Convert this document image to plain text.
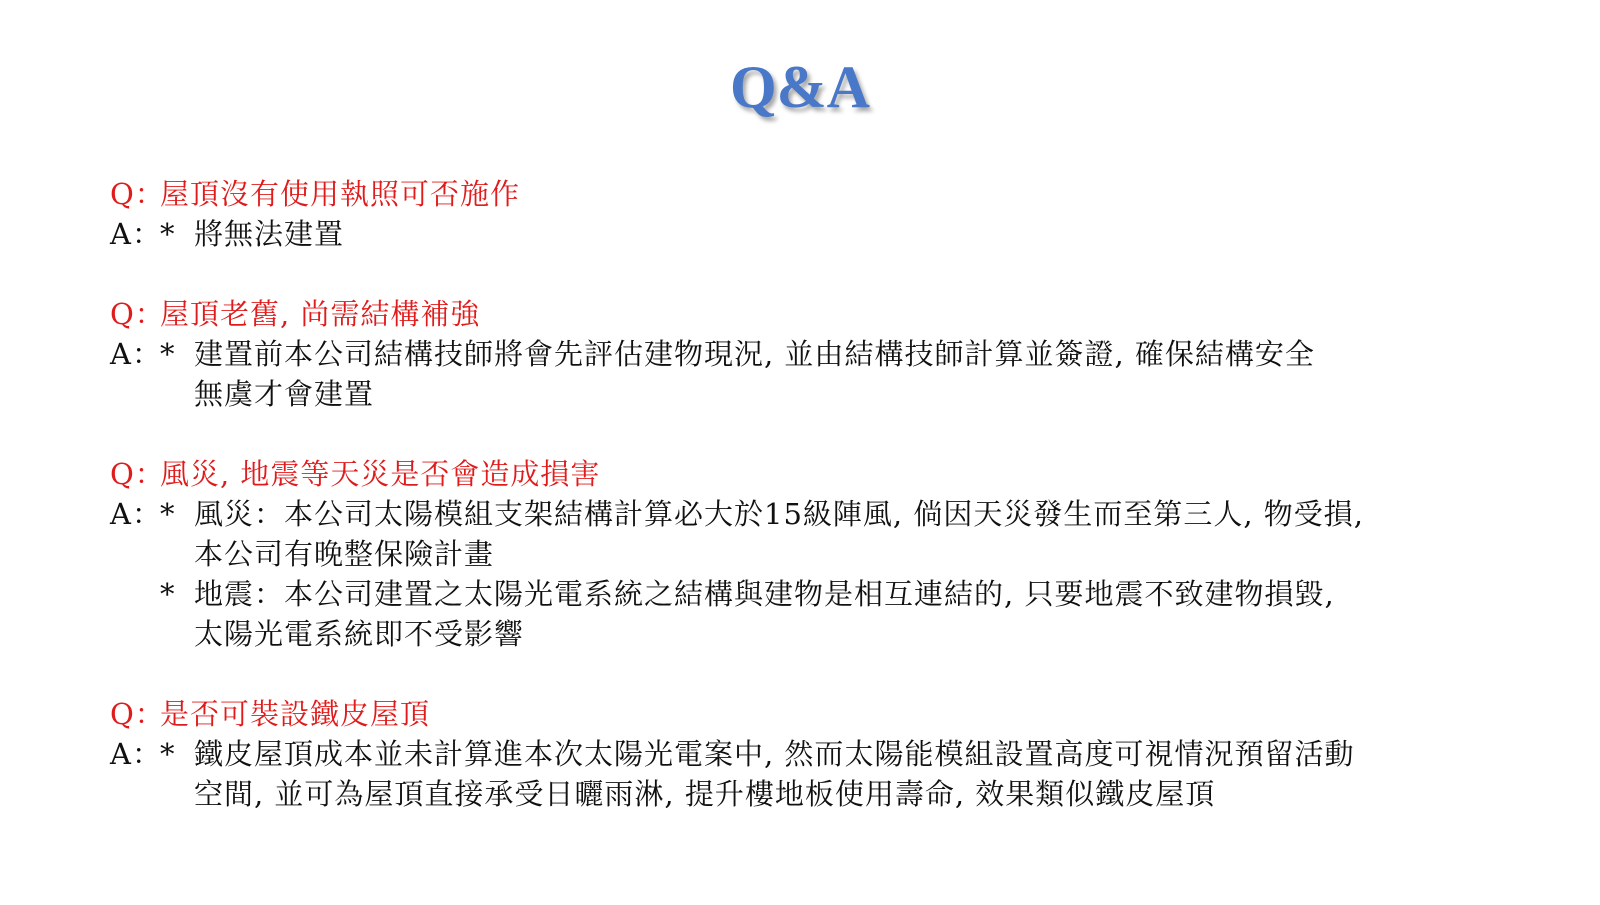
Q&A
Q：屋頂沒有使用執照可否施作
A：* 將無法建置
Q：屋頂老舊, 尚需結構補強
A：* 建置前本公司結構技師將會先評估建物現況, 並由結構技師計算並簽證, 確保結構安全
無虞才會建置
Q：風災, 地震等天災是否會造成損害
A：* 風災：本公司太陽模組支架結構計算必大於15級陣風, 倘因天災發生而至第三人, 物受損,
本公司有晚整保險計畫
* 地震：本公司建置之太陽光電系統之結構與建物是相互連結的, 只要地震不致建物損毀,
太陽光電系統即不受影響
Q：是否可裝設鐵皮屋頂
A：* 鐵皮屋頂成本並未計算進本次太陽光電案中, 然而太陽能模組設置高度可視情況預留活動
空間, 並可為屋頂直接承受日曬雨淋, 提升樓地板使用壽命, 效果類似鐵皮屋頂
